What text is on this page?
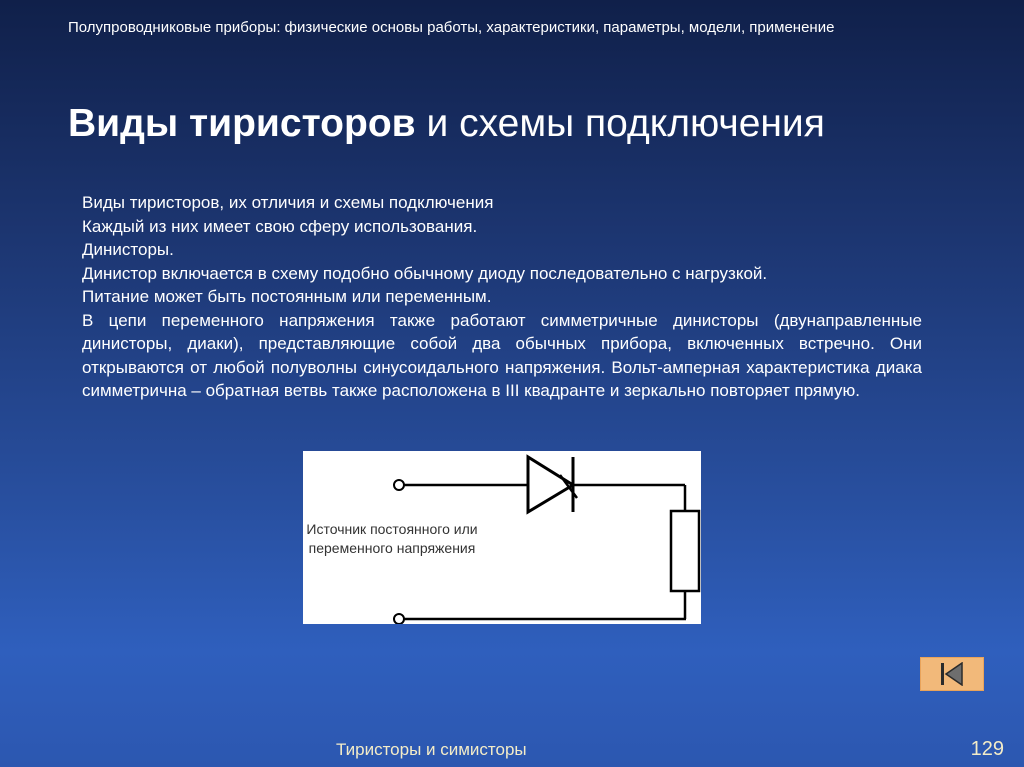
Полупроводниковые приборы: физические основы работы, характеристики, параметры, модели, применение
Виды тиристоров и схемы подключения

Виды тиристоров, их отличия и схемы подключения

Каждый из них имеет свою сферу использования.

Динисторы.

Динистор включается в схему подобно обычному диоду последовательно с нагрузкой.

Питание может быть постоянным или переменным.

В цепи переменного напряжения также работают симметричные динисторы (двунаправленные динисторы, диаки), представляющие собой два обычных прибора, включенных встречно. Они открываются от любой полуволны синусоидального напряжения. Вольт-амперная характеристика диака симметрична – обратная ветвь также расположена в III квадранте и зеркально повторяет прямую.

Источник постоянного или переменного напряжения
Тиристоры и симисторы	129
